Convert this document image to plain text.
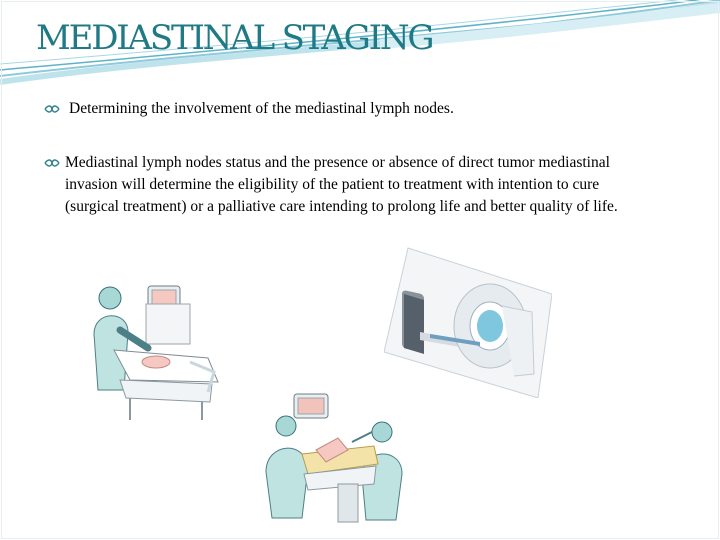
MEDIASTINAL STAGING
Determining the involvement of the mediastinal lymph nodes.
Mediastinal lymph nodes status and the presence or absence of direct tumor mediastinal invasion will determine the eligibility of the patient to treatment with intention to cure (surgical treatment) or a palliative care intending to prolong life and better quality of life.
